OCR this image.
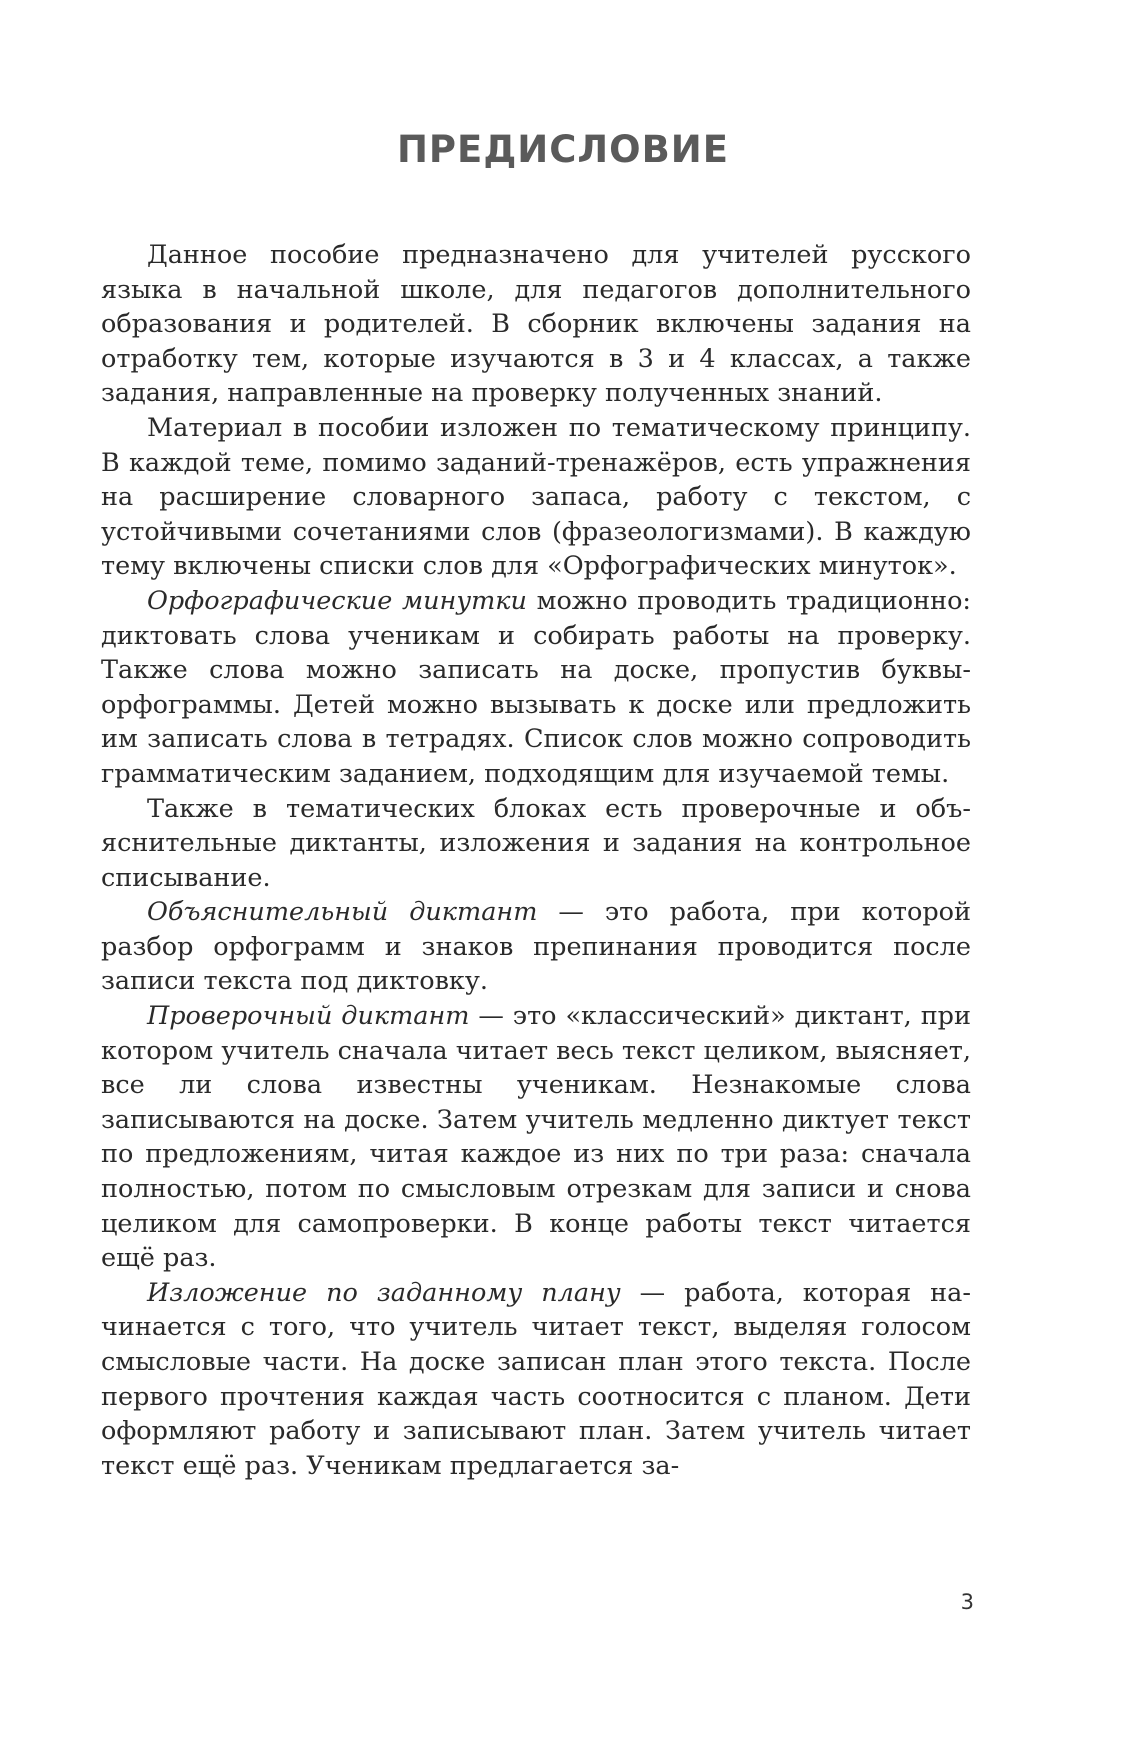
ПРЕДИСЛОВИЕ

Данное пособие предназначено для учителей русского языка в начальной школе, для педагогов дополнительного образования и родителей. В сборник включены задания на отработку тем, которые изучаются в 3 и 4 классах, а также задания, направленные на проверку полученных знаний.

Материал в пособии изложен по тематическому принципу. В каждой теме, помимо заданий-тренажёров, есть упражнения на расширение словарного запаса, работу с текстом, с устойчивыми сочетаниями слов (фразеологизмами). В каждую тему включены списки слов для «Орфографических минуток».

Орфографические минутки можно проводить традиционно: диктовать слова ученикам и собирать работы на проверку. Также слова можно записать на доске, пропустив буквы-орфограммы. Детей можно вызывать к доске или предложить им записать слова в тетрадях. Список слов можно сопроводить грамматическим заданием, подходящим для изучаемой темы.

Также в тематических блоках есть проверочные и объяснительные диктанты, изложения и задания на контрольное списывание.

Объяснительный диктант — это работа, при которой разбор орфограмм и знаков препинания проводится после записи текста под диктовку.

Проверочный диктант — это «классический» диктант, при котором учитель сначала читает весь текст целиком, выясняет, все ли слова известны ученикам. Незнакомые слова записываются на доске. Затем учитель медленно диктует текст по предложениям, читая каждое из них по три раза: сначала полностью, потом по смысловым отрезкам для записи и снова целиком для самопроверки. В конце работы текст читается ещё раз.

Изложение по заданному плану — работа, которая начинается с того, что учитель читает текст, выделяя голосом смысловые части. На доске записан план этого текста. После первого прочтения каждая часть соотносится с планом. Дети оформляют работу и записывают план. Затем учитель читает текст ещё раз. Ученикам предлагается за-

3
